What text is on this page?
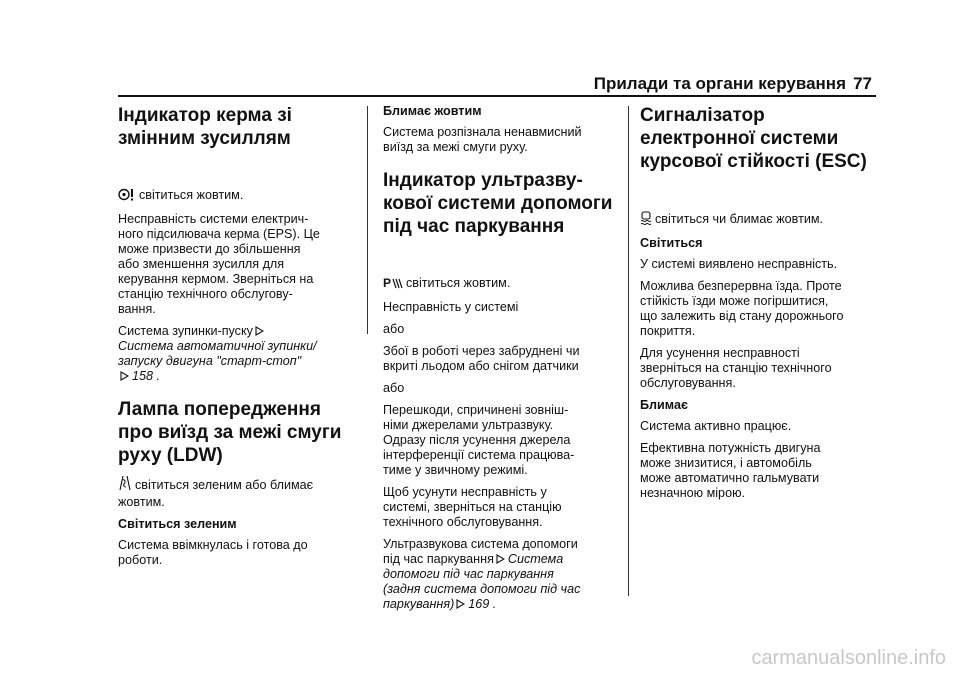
Прилади та органи керування 77
Індикатор керма зі
змінним зусиллям

світиться жовтим.

Несправність системи електрич-
ного підсилювача керма (EPS). Це
може призвести до збільшення
або зменшення зусилля для
керування кермом. Зверніться на
станцію технічного обслугову-
вання.

Система зупинки-пуску
Система автоматичної зупинки/
запуску двигуна "старт-стоп"
158 .

Лампа попередження
про виїзд за межі смуги
руху (LDW)

світиться зеленим або блимає
жовтим.

Світиться зеленим

Система ввімкнулась і готова до
роботи.

Блимає жовтим

Система розпізнала ненавмисний
виїзд за межі смуги руху.

Індикатор ультразву-
кової системи допомоги
під час паркування

P світиться жовтим.

Несправність у системі

або

Збої в роботі через забруднені чи
вкриті льодом або снігом датчики

або

Перешкоди, спричинені зовніш-
німи джерелами ультразвуку.
Одразу після усунення джерела
інтерференції система працюва-
тиме у звичному режимі.

Щоб усунути несправність у
системі, зверніться на станцію
технічного обслуговування.

Ультразвукова система допомоги
під час паркування Система
допомоги під час паркування
(задня система допомоги під час
паркування) 169 .

Сигналізатор
електронної системи
курсової стійкості (ESC)

світиться чи блимає жовтим.

Світиться

У системі виявлено несправність.

Можлива безперервна їзда. Проте
стійкість їзди може погіршитися,
що залежить від стану дорожнього
покриття.

Для усунення несправності
зверніться на станцію технічного
обслуговування.

Блимає

Система активно працює.

Ефективна потужність двигуна
може знизитися, і автомобіль
може автоматично гальмувати
незначною мірою.

carmanualsonline.info
